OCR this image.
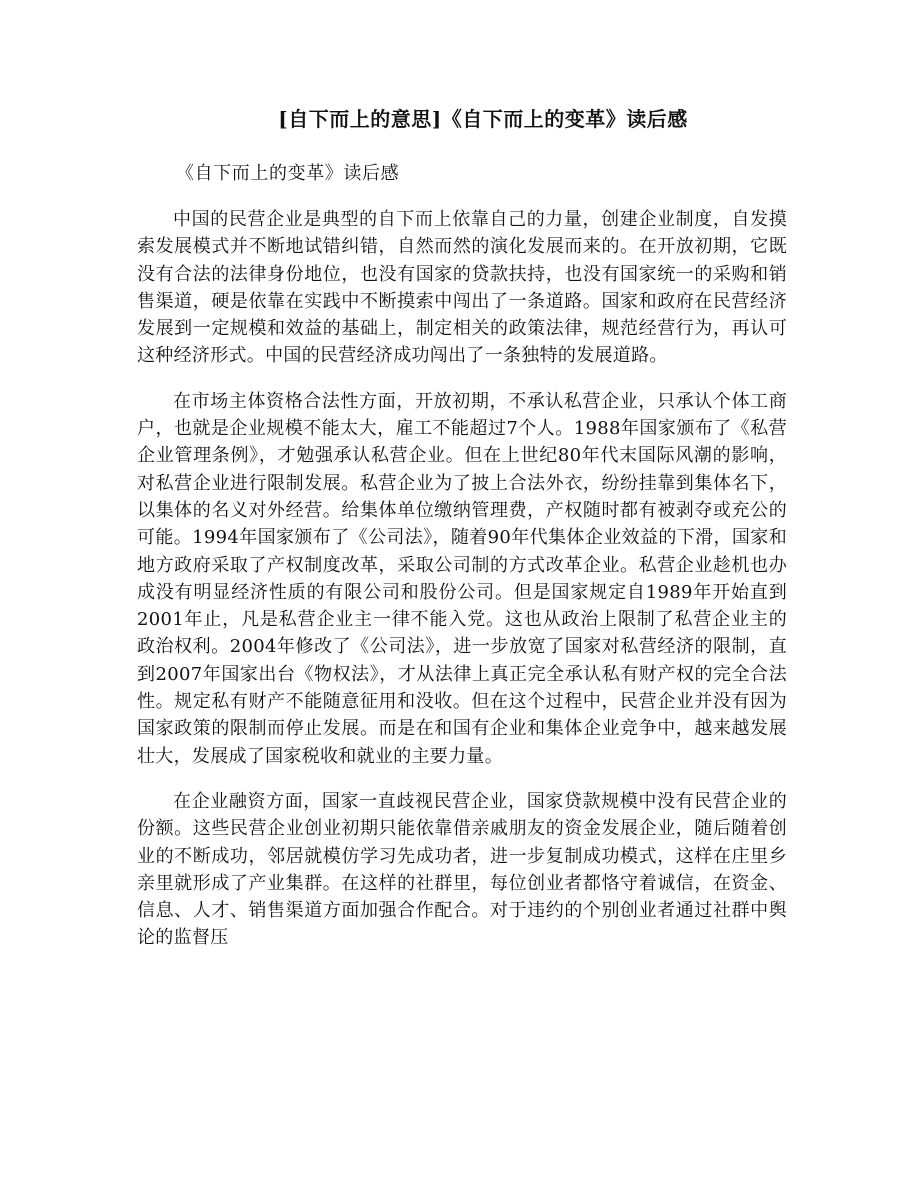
[自下而上的意思]《自下而上的变革》读后感
《自下而上的变革》读后感

中国的民营企业是典型的自下而上依靠自己的力量，创建企业制度，自发摸索发展模式并不断地试错纠错，自然而然的演化发展而来的。在开放初期，它既没有合法的法律身份地位，也没有国家的贷款扶持，也没有国家统一的采购和销售渠道，硬是依靠在实践中不断摸索中闯出了一条道路。国家和政府在民营经济发展到一定规模和效益的基础上，制定相关的政策法律，规范经营行为，再认可这种经济形式。中国的民营经济成功闯出了一条独特的发展道路。

在市场主体资格合法性方面，开放初期，不承认私营企业，只承认个体工商户，也就是企业规模不能太大，雇工不能超过7个人。1988年国家颁布了《私营企业管理条例》，才勉强承认私营企业。但在上世纪80年代末国际风潮的影响，对私营企业进行限制发展。私营企业为了披上合法外衣，纷纷挂靠到集体名下，以集体的名义对外经营。给集体单位缴纳管理费，产权随时都有被剥夺或充公的可能。1994年国家颁布了《公司法》，随着90年代集体企业效益的下滑，国家和地方政府采取了产权制度改革，采取公司制的方式改革企业。私营企业趁机也办成没有明显经济性质的有限公司和股份公司。但是国家规定自1989年开始直到2001年止，凡是私营企业主一律不能入党。这也从政治上限制了私营企业主的政治权利。2004年修改了《公司法》，进一步放宽了国家对私营经济的限制，直到2007年国家出台《物权法》，才从法律上真正完全承认私有财产权的完全合法性。规定私有财产不能随意征用和没收。但在这个过程中，民营企业并没有因为国家政策的限制而停止发展。而是在和国有企业和集体企业竞争中，越来越发展壮大，发展成了国家税收和就业的主要力量。

在企业融资方面，国家一直歧视民营企业，国家贷款规模中没有民营企业的份额。这些民营企业创业初期只能依靠借亲戚朋友的资金发展企业，随后随着创业的不断成功，邻居就模仿学习先成功者，进一步复制成功模式，这样在庄里乡亲里就形成了产业集群。在这样的社群里，每位创业者都恪守着诚信，在资金、信息、人才、销售渠道方面加强合作配合。对于违约的个别创业者通过社群中舆论的监督压
